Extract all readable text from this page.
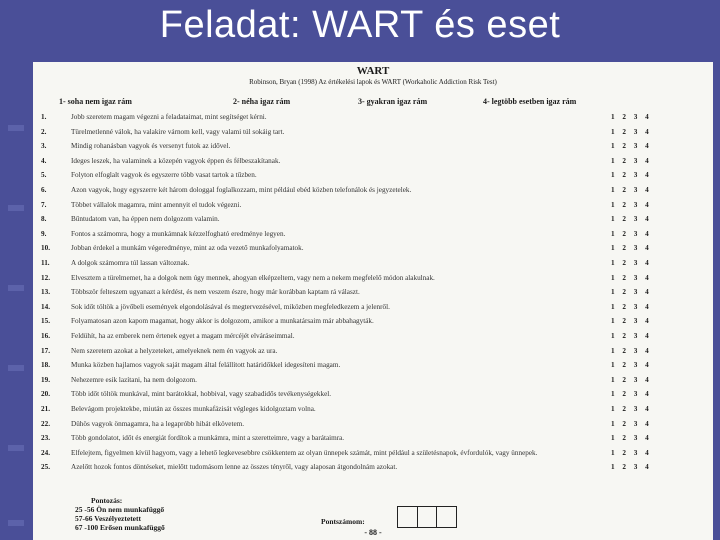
Feladat: WART és eset
WART
Robinson, Bryan (1998) Az értékelési lapok és WART (Workaholic Addiction Risk Test)
1- soha nem igaz rám	2- néha igaz rám	3- gyakran igaz rám	4- legtöbb esetben igaz rám
1.	Jobb szeretem magam végezni a feladataimat, mint segítséget kérni.	1 2 3 4
2.	Türelmetlenné válok, ha valakire várnom kell, vagy valami túl sokáig tart.	1 2 3 4
3.	Mindig rohanásban vagyok és versenyt futok az idővel.	1 2 3 4
4.	Ideges leszek, ha valaminek a közepén vagyok éppen és félbeszakítanak.	1 2 3 4
5.	Folyton elfoglalt vagyok és egyszerre több vasat tartok a tűzben.	1 2 3 4
6.	Azon vagyok, hogy egyszerre két három dologgal foglalkozzam, mint például ebéd közben telefonálok és jegyzetelek.	1 2 3 4
7.	Többet vállalok magamra, mint amennyit el tudok végezni.	1 2 3 4
8.	Bűntudatom van, ha éppen nem dolgozom valamin.	1 2 3 4
9.	Fontos a számomra, hogy a munkámnak kézzelfogható eredménye legyen.	1 2 3 4
10.	Jobban érdekel a munkám végeredménye, mint az oda vezető munkafolyamatok.	1 2 3 4
11.	A dolgok számomra túl lassan változnak.	1 2 3 4
12.	Elvesztem a türelmemet, ha a dolgok nem úgy mennek, ahogyan elképzeltem, vagy nem a nekem megfelelő módon alakulnak.	1 2 3 4
13.	Többször felteszem ugyanazt a kérdést, és nem veszem észre, hogy már korábban kaptam rá választ.	1 2 3 4
14.	Sok időt töltök a jövőbeli események elgondolásával és megtervezésével, miközben megfeledkezem a jelenről.	1 2 3 4
15.	Folyamatosan azon kapom magamat, hogy akkor is dolgozom, amikor a munkatársaim már abbahagyták.	1 2 3 4
16.	Feldühít, ha az emberek nem értenek egyet a magam mércéjét elváráseimmal.	1 2 3 4
17.	Nem szeretem azokat a helyzeteket, amelyeknek nem én vagyok az ura.	1 2 3 4
18.	Munka közben hajlamos vagyok saját magam által felállított határidőkkel idegesíteni magam.	1 2 3 4
19.	Nehezemre esik lazítani, ha nem dolgozom.	1 2 3 4
20.	Több időt töltök munkával, mint barátokkal, hobbival, vagy szabadidős tevékenységekkel.	1 2 3 4
21.	Belevágom projektekbe, miután az összes munkafázisát végleges kidolgoztam volna.	1 2 3 4
22.	Dühös vagyok önmagamra, ha a legapróbb hibát elkövetem.	1 2 3 4
23.	Több gondolatot, időt és energiát fordítok a munkámra, mint a szeretteimre, vagy a barátaimra.	1 2 3 4
24.	Elfelejtem, figyelmen kívül hagyom, vagy a lehető legkevesebbre csökkentem az olyan ünnepek számát, mint például a születésnapok, évfordulók, vagy ünnepek.	1 2 3 4
25.	Azelőtt hozok fontos döntéseket, mielőtt tudomásom lenne az összes tényről, vagy alaposan átgondolnám azokat.	1 2 3 4
Pontozás:
25 -56 Ön nem munkafüggő
57-66 Veszélyeztetett
67 -100 Erősen munkafüggő
Pontszámom:
- 88 -
